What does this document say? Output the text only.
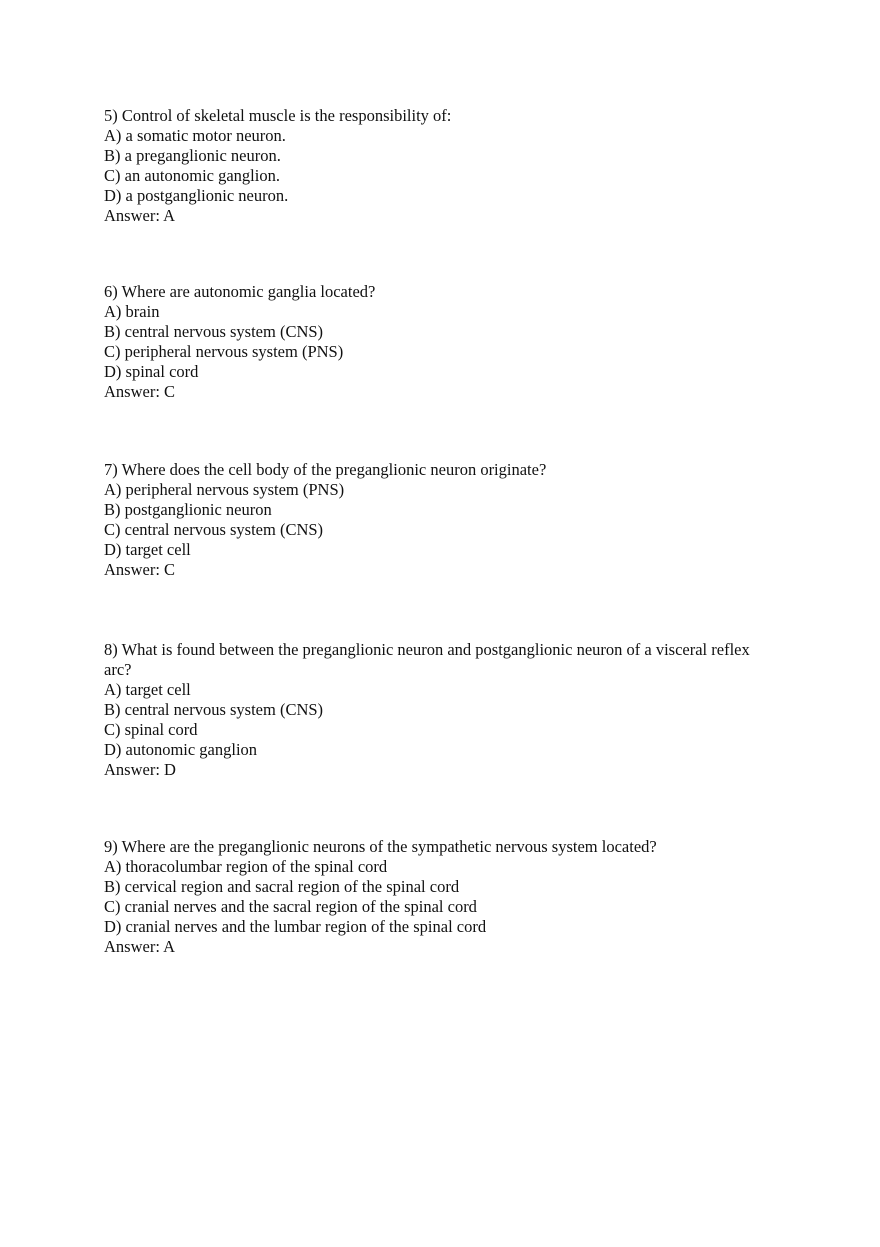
5) Control of skeletal muscle is the responsibility of:

A) a somatic motor neuron.

B) a preganglionic neuron.

C) an autonomic ganglion.

D) a postganglionic neuron.

Answer: A

6) Where are autonomic ganglia located?

A) brain

B) central nervous system (CNS)

C) peripheral nervous system (PNS)

D) spinal cord

Answer: C

7) Where does the cell body of the preganglionic neuron originate?

A) peripheral nervous system (PNS)

B) postganglionic neuron

C) central nervous system (CNS)

D) target cell

Answer: C

8) What is found between the preganglionic neuron and postganglionic neuron of a visceral reflex arc?

A) target cell

B) central nervous system (CNS)

C) spinal cord

D) autonomic ganglion

Answer: D

9) Where are the preganglionic neurons of the sympathetic nervous system located?

A) thoracolumbar region of the spinal cord

B) cervical region and sacral region of the spinal cord

C) cranial nerves and the sacral region of the spinal cord

D) cranial nerves and the lumbar region of the spinal cord

Answer: A
